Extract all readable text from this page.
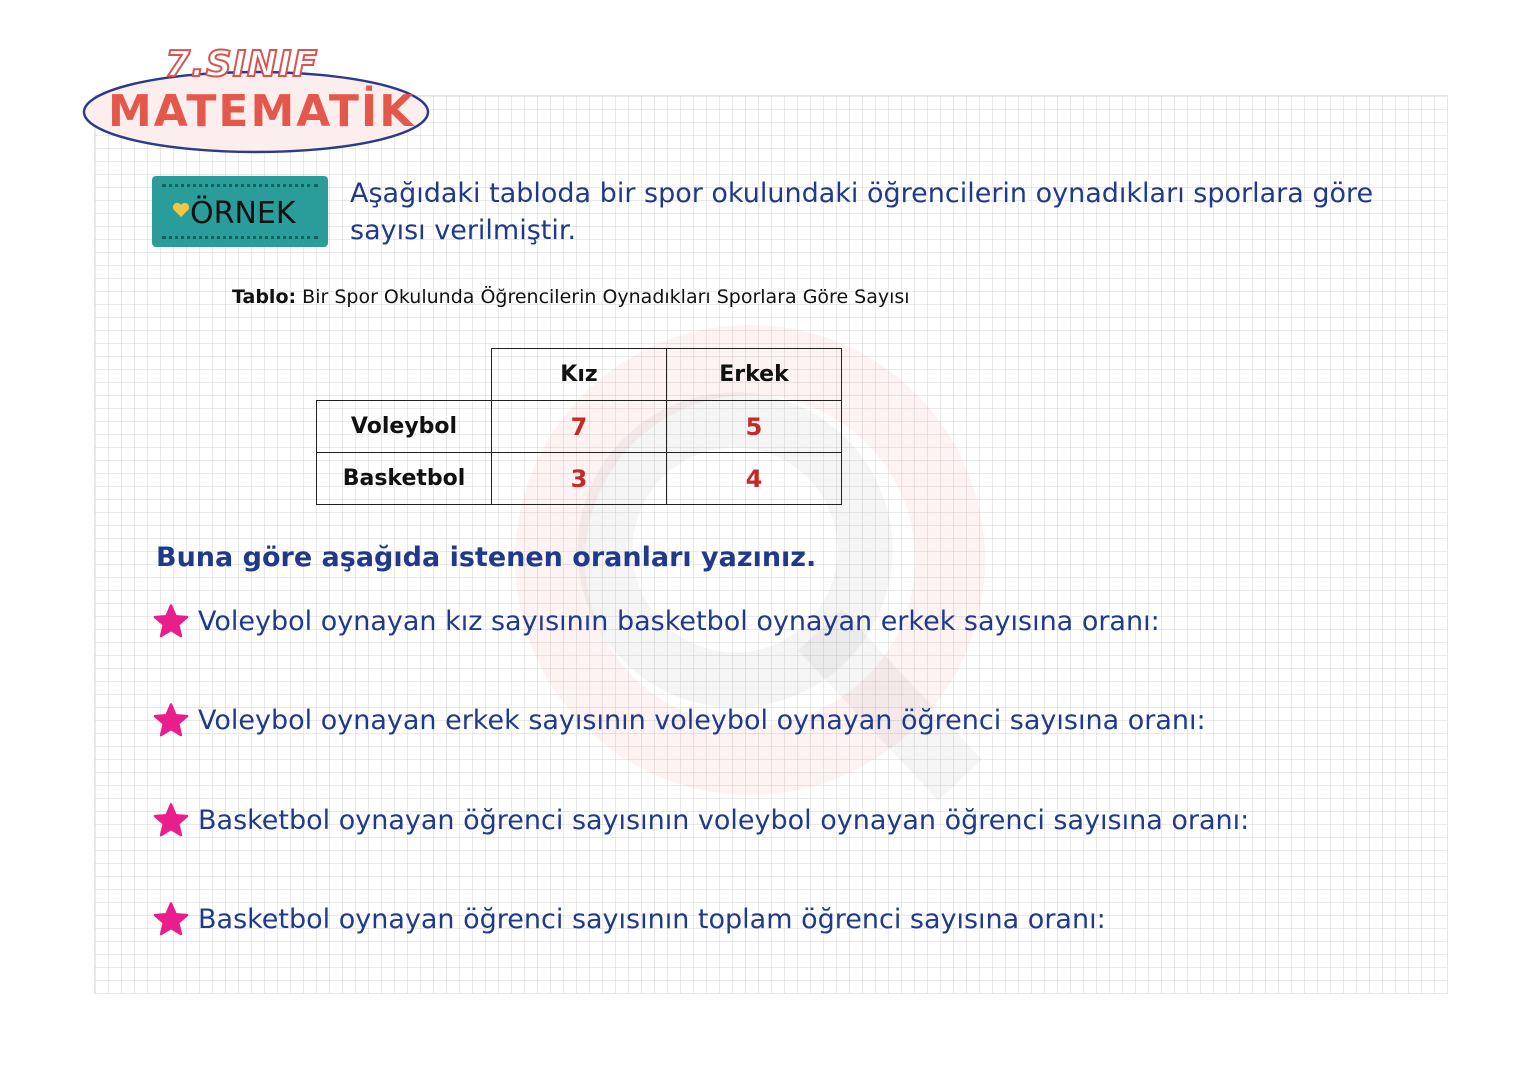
7.SINIF
MATEMATİK
ÖRNEK
Aşağıdaki tabloda bir spor okulundaki öğrencilerin oynadıkları sporlara göre
sayısı verilmiştir.
Tablo: Bir Spor Okulunda Öğrencilerin Oynadıkları Sporlara Göre Sayısı
	Kız	Erkek
Voleybol	7	5
Basketbol	3	4
Buna göre aşağıda istenen oranları yazınız.
Voleybol oynayan kız sayısının basketbol oynayan erkek sayısına oranı:
Voleybol oynayan erkek sayısının voleybol oynayan öğrenci sayısına oranı:
Basketbol oynayan öğrenci sayısının voleybol oynayan öğrenci sayısına oranı:
Basketbol oynayan öğrenci sayısının toplam öğrenci sayısına oranı:
